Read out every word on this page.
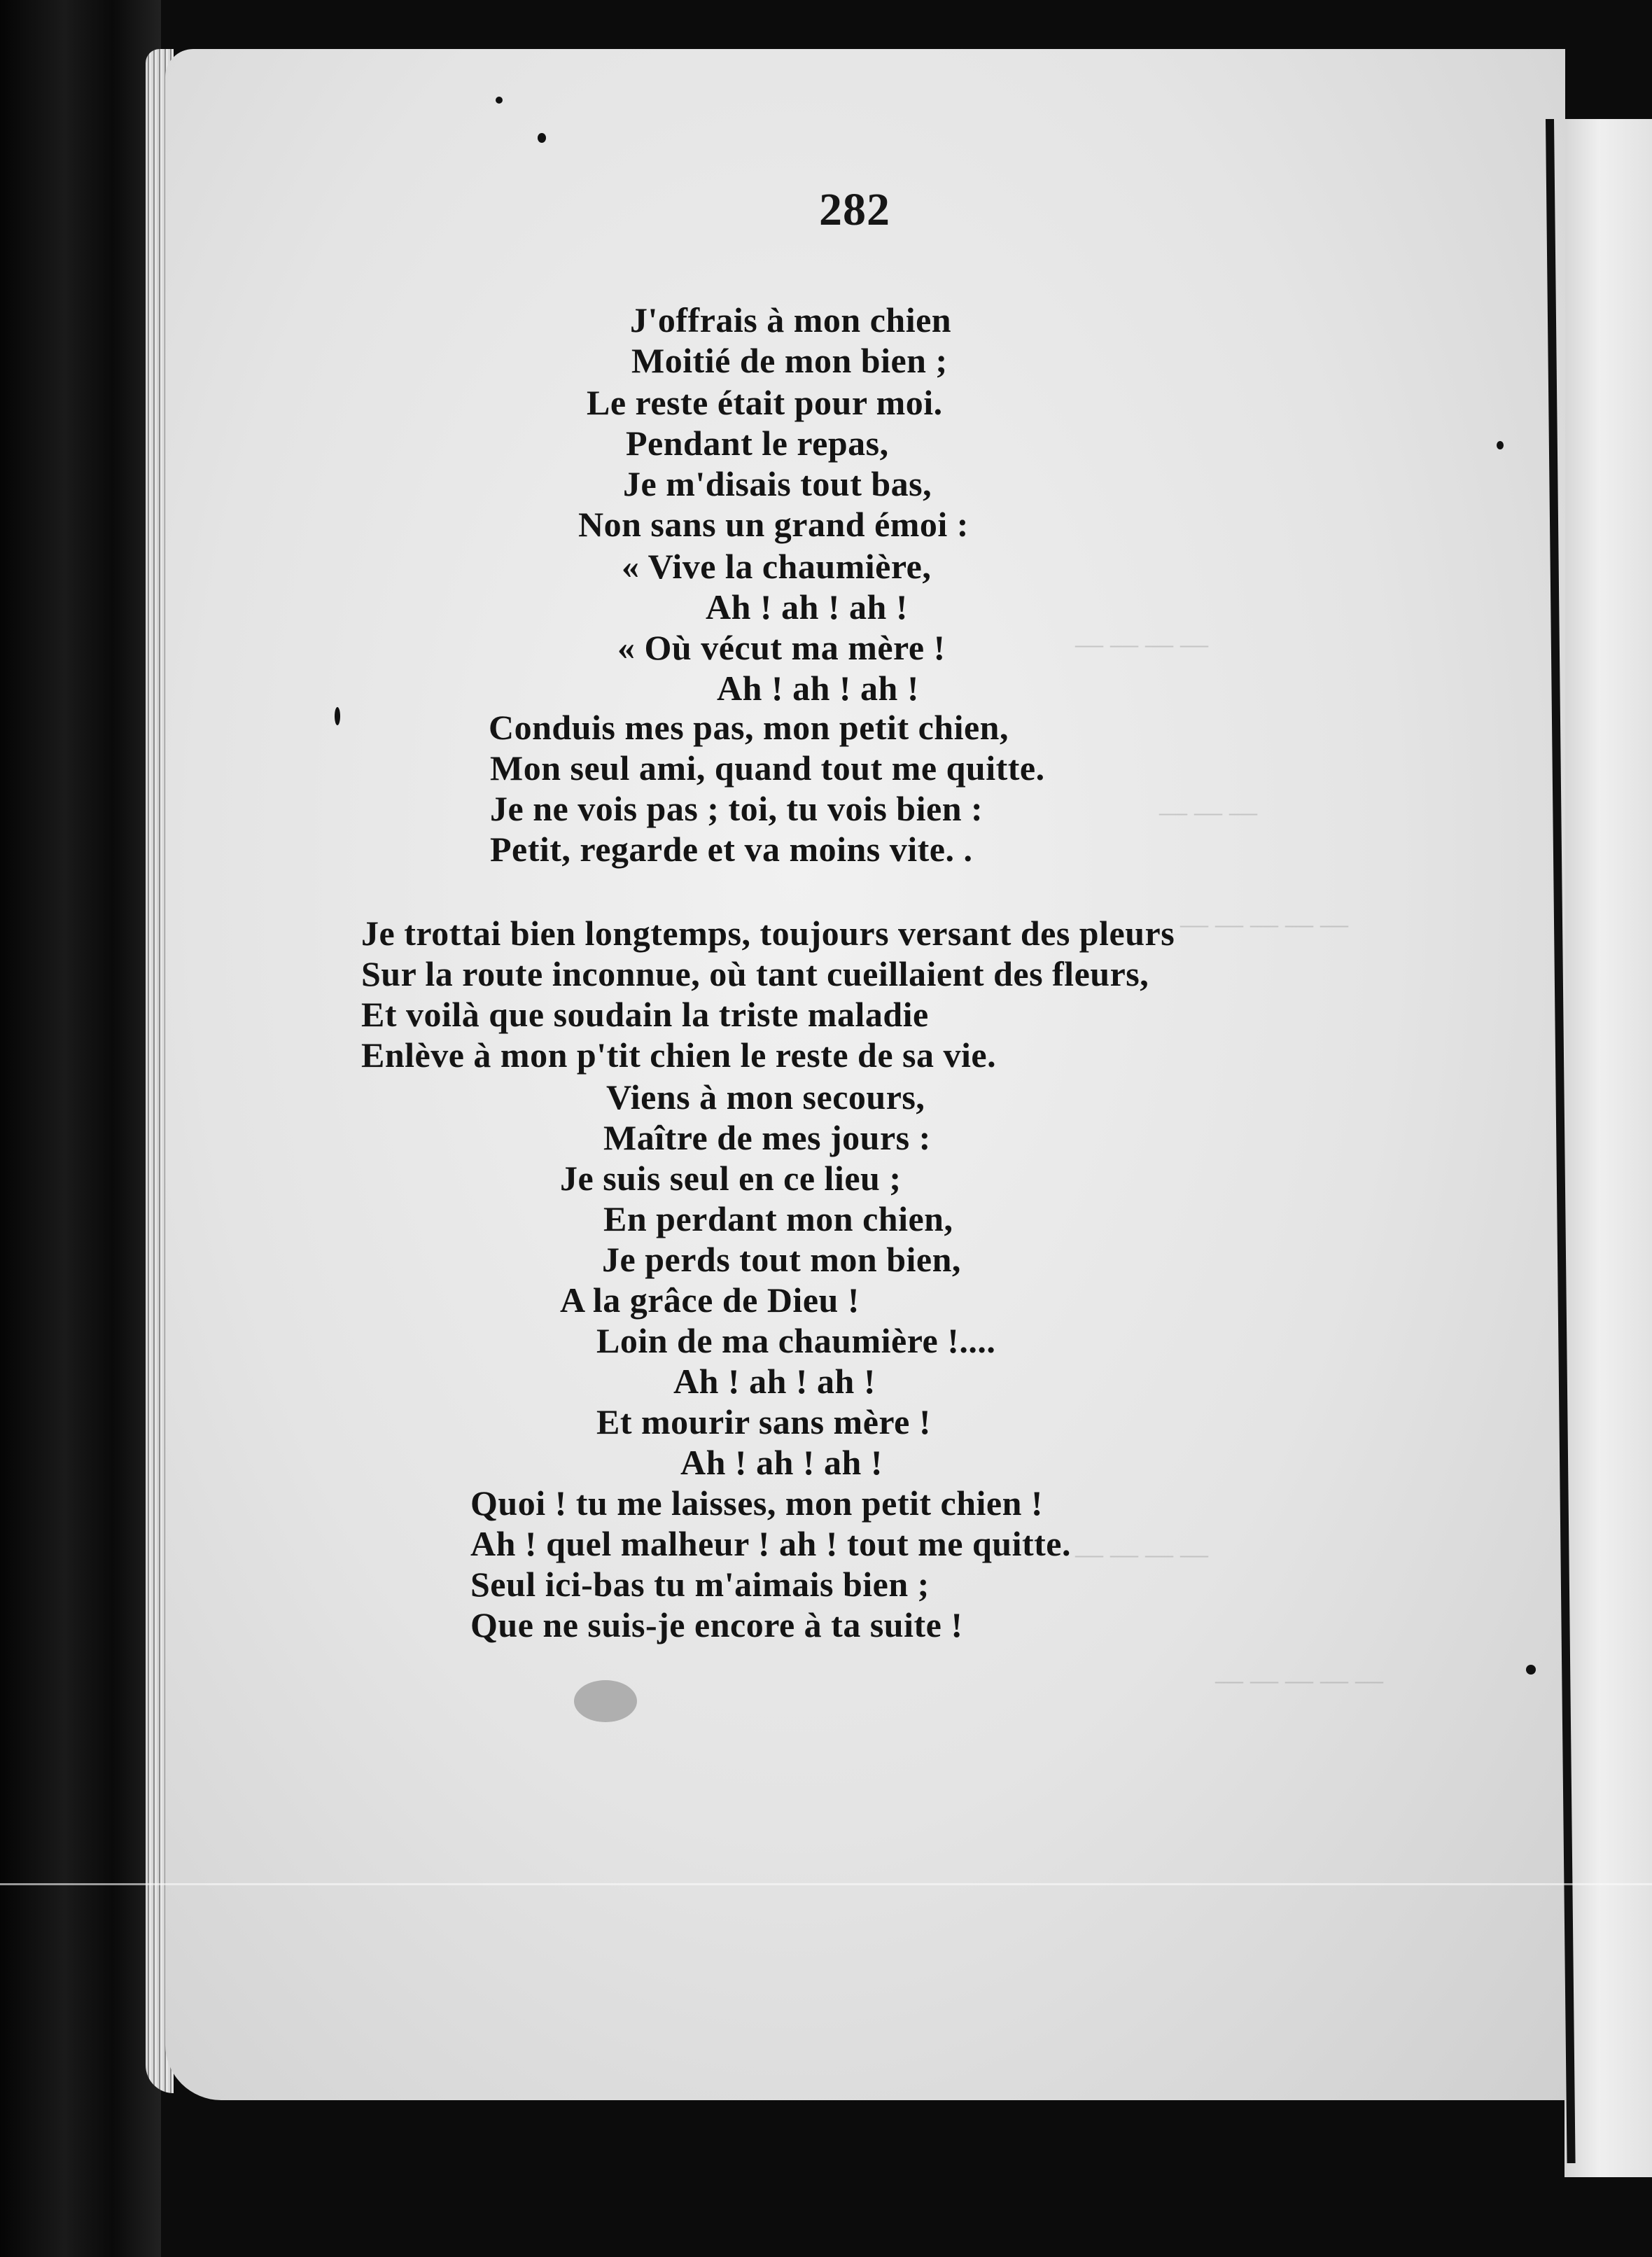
— — — —
— — —
— — — — —
— — — —
— — — — —
282
J'offrais à mon chien
Moitié de mon bien ;
Le reste était pour moi.
Pendant le repas,
Je m'disais tout bas,
Non sans un grand émoi :
« Vive la chaumière,
Ah ! ah ! ah !
« Où vécut ma mère !
Ah ! ah ! ah !
Conduis mes pas, mon petit chien,
Mon seul ami, quand tout me quitte.
Je ne vois pas ; toi, tu vois bien :
Petit, regarde et va moins vite. .
Je trottai bien longtemps, toujours versant des pleurs
Sur la route inconnue, où tant cueillaient des fleurs,
Et voilà que soudain la triste maladie
Enlève à mon p'tit chien le reste de sa vie.
Viens à mon secours,
Maître de mes jours :
Je suis seul en ce lieu ;
En perdant mon chien,
Je perds tout mon bien,
A la grâce de Dieu !
Loin de ma chaumière !....
Ah ! ah ! ah !
Et mourir sans mère !
Ah ! ah ! ah !
Quoi ! tu me laisses, mon petit chien !
Ah ! quel malheur ! ah ! tout me quitte.
Seul ici-bas tu m'aimais bien ;
Que ne suis-je encore à ta suite !
